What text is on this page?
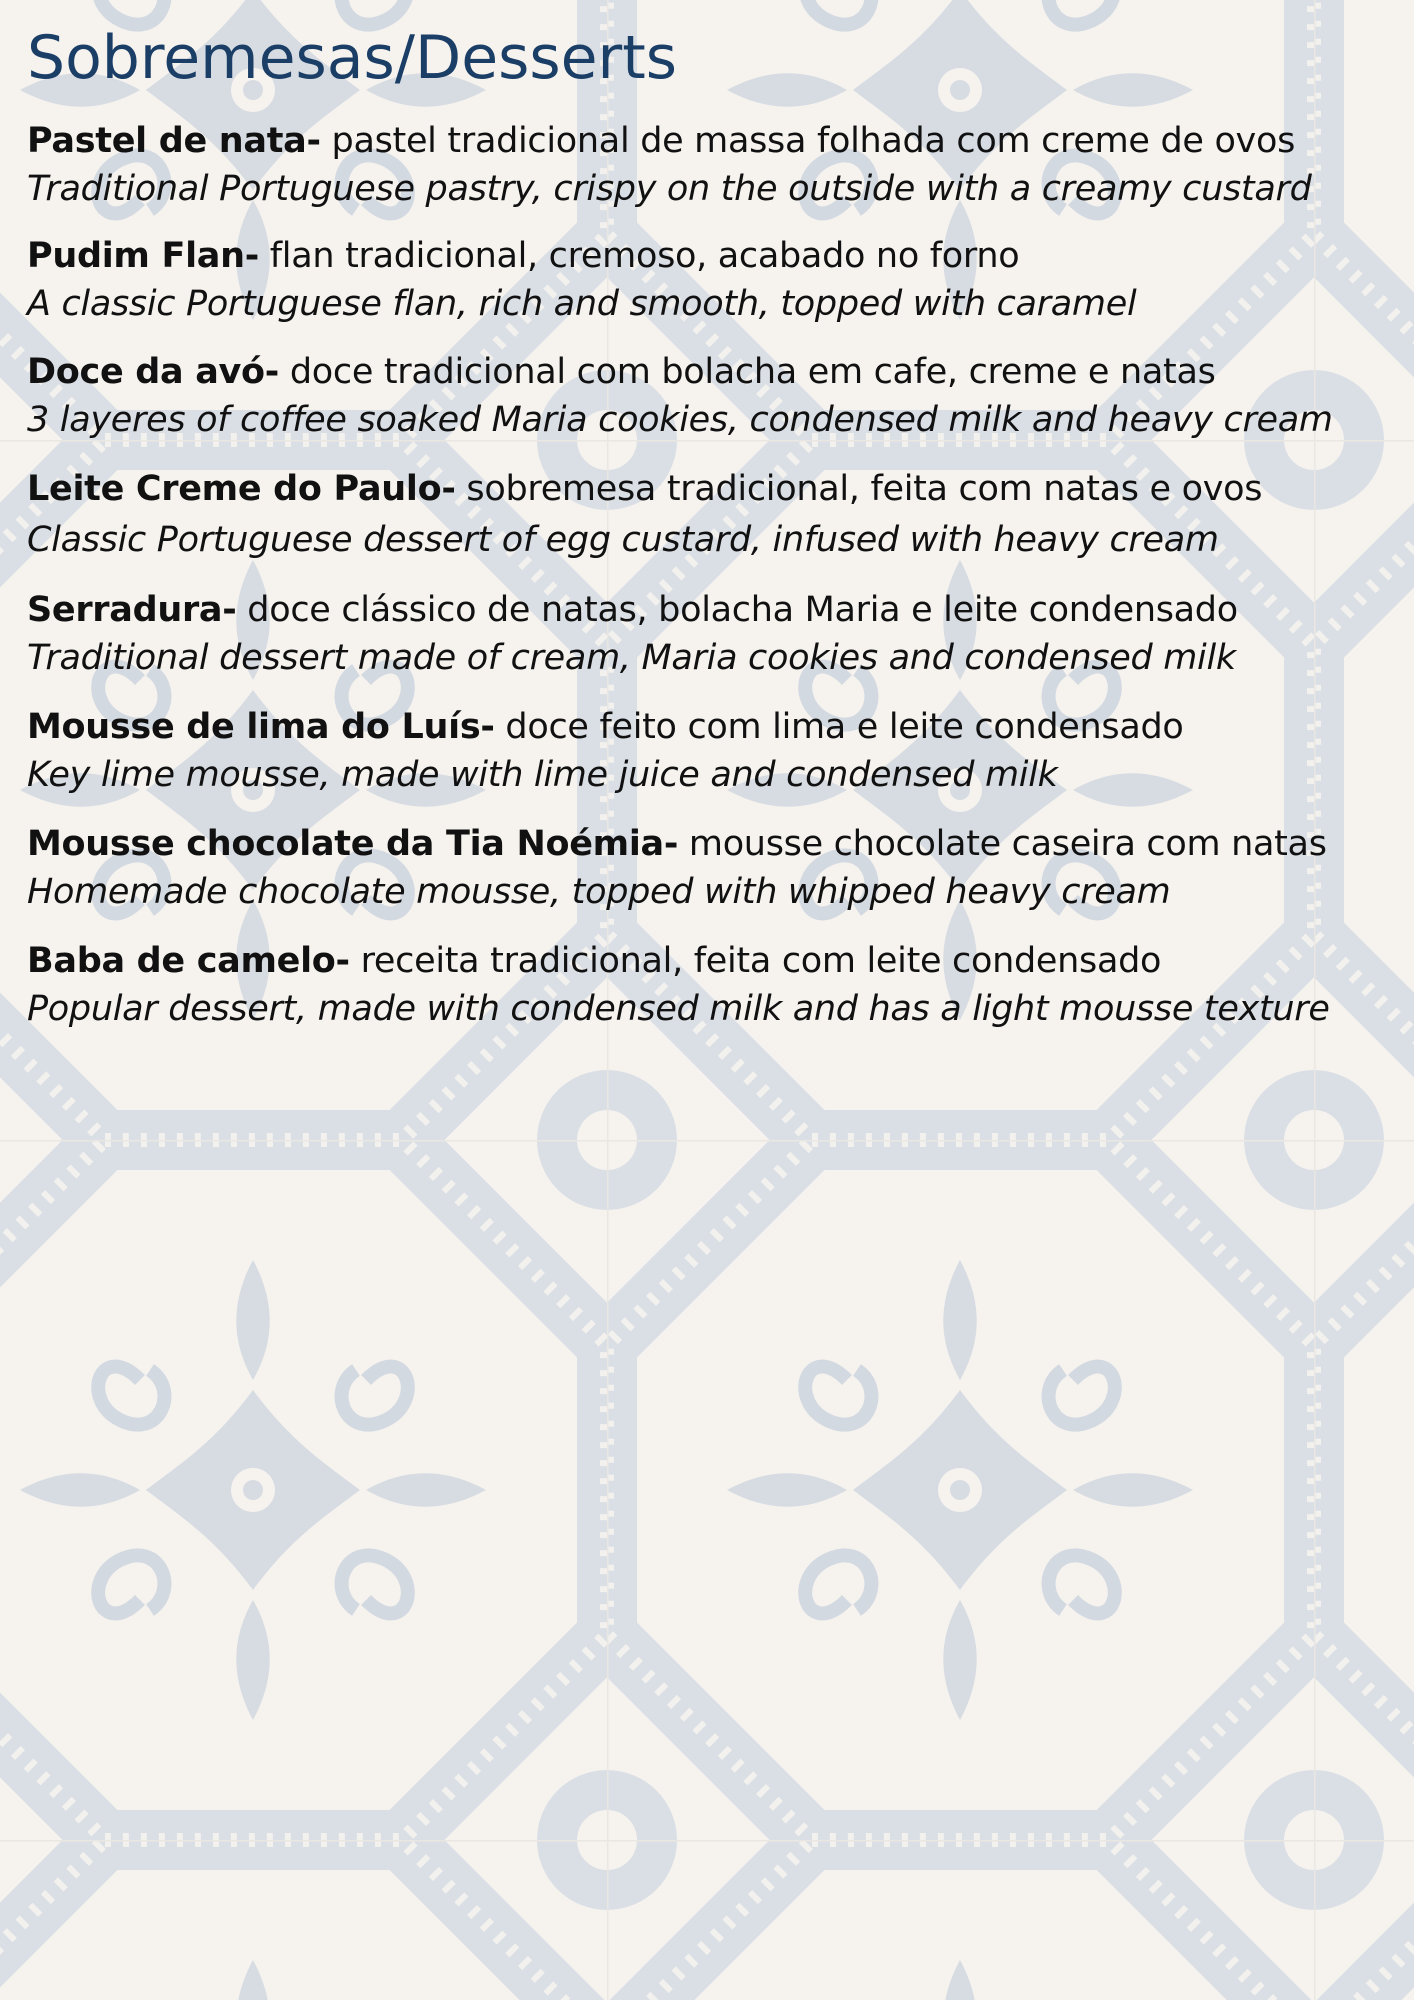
Sobremesas/Desserts
Pastel de nata- pastel tradicional de massa folhada com creme de ovos
Traditional Portuguese pastry, crispy on the outside with a creamy custard
Pudim Flan- flan tradicional, cremoso, acabado no forno
A classic Portuguese flan, rich and smooth, topped with caramel
Doce da avó- doce tradicional com bolacha em cafe, creme e natas
3 layeres of coffee soaked Maria cookies, condensed milk and heavy cream
Leite Creme do Paulo- sobremesa tradicional, feita com natas e ovos
Classic Portuguese dessert of egg custard, infused with heavy cream
Serradura- doce clássico de natas, bolacha Maria e leite condensado
Traditional dessert made of cream, Maria cookies and condensed milk
Mousse de lima do Luís- doce feito com lima e leite condensado
Key lime mousse, made with lime juice and condensed milk
Mousse chocolate da Tia Noémia- mousse chocolate caseira com natas
Homemade chocolate mousse, topped with whipped heavy cream
Baba de camelo- receita tradicional, feita com leite condensado
Popular dessert, made with condensed milk and has a light mousse texture
